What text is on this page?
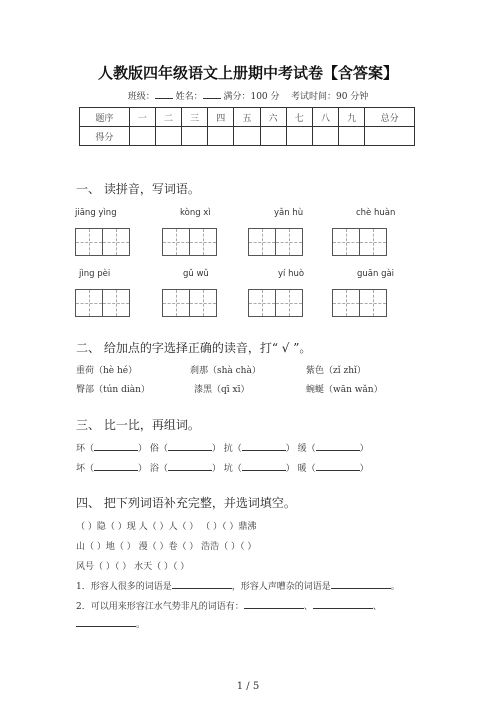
人教版四年级语文上册期中考试卷【含答案】
班级： 姓名： 满分：100 分 考试时间：90 分钟
题序	一	二	三	四	五	六	七	八	九	总分
得分										
一、 读拼音，写词语。
jiāng yìng	kòng xì	yǎn hù	chè huàn
jìng pèi	gǔ wǔ	yí huò	guān gài
二、 给加点的字选择正确的读音，打“ √ ”。
重荷（hè hé）	刹那（shà chà）	紫色（zǐ zhǐ）
臀部（tún diàn）	漆黑（qī xī）	蜿蜒（wān wǎn）
三、 比一比，再组词。
环（	） 俗（	） 抗（	） 缓（	）
坏（	） 浴（	） 坑（	） 暖（	）
四、 把下列词语补充完整，并选词填空。
（ ）隐（ ）现 人（ ）人（ ） （ ）（ ）鼎沸
山（ ）地（ ） 漫（ ）卷（ ） 浩浩（ ）（ ）
风号（ ）（ ） 水天（ ）（ ）
1．形容人很多的词语是	，形容人声嘈杂的词语是	。
2．可以用来形容江水气势非凡的词语有：	、	、
。
1 / 5
